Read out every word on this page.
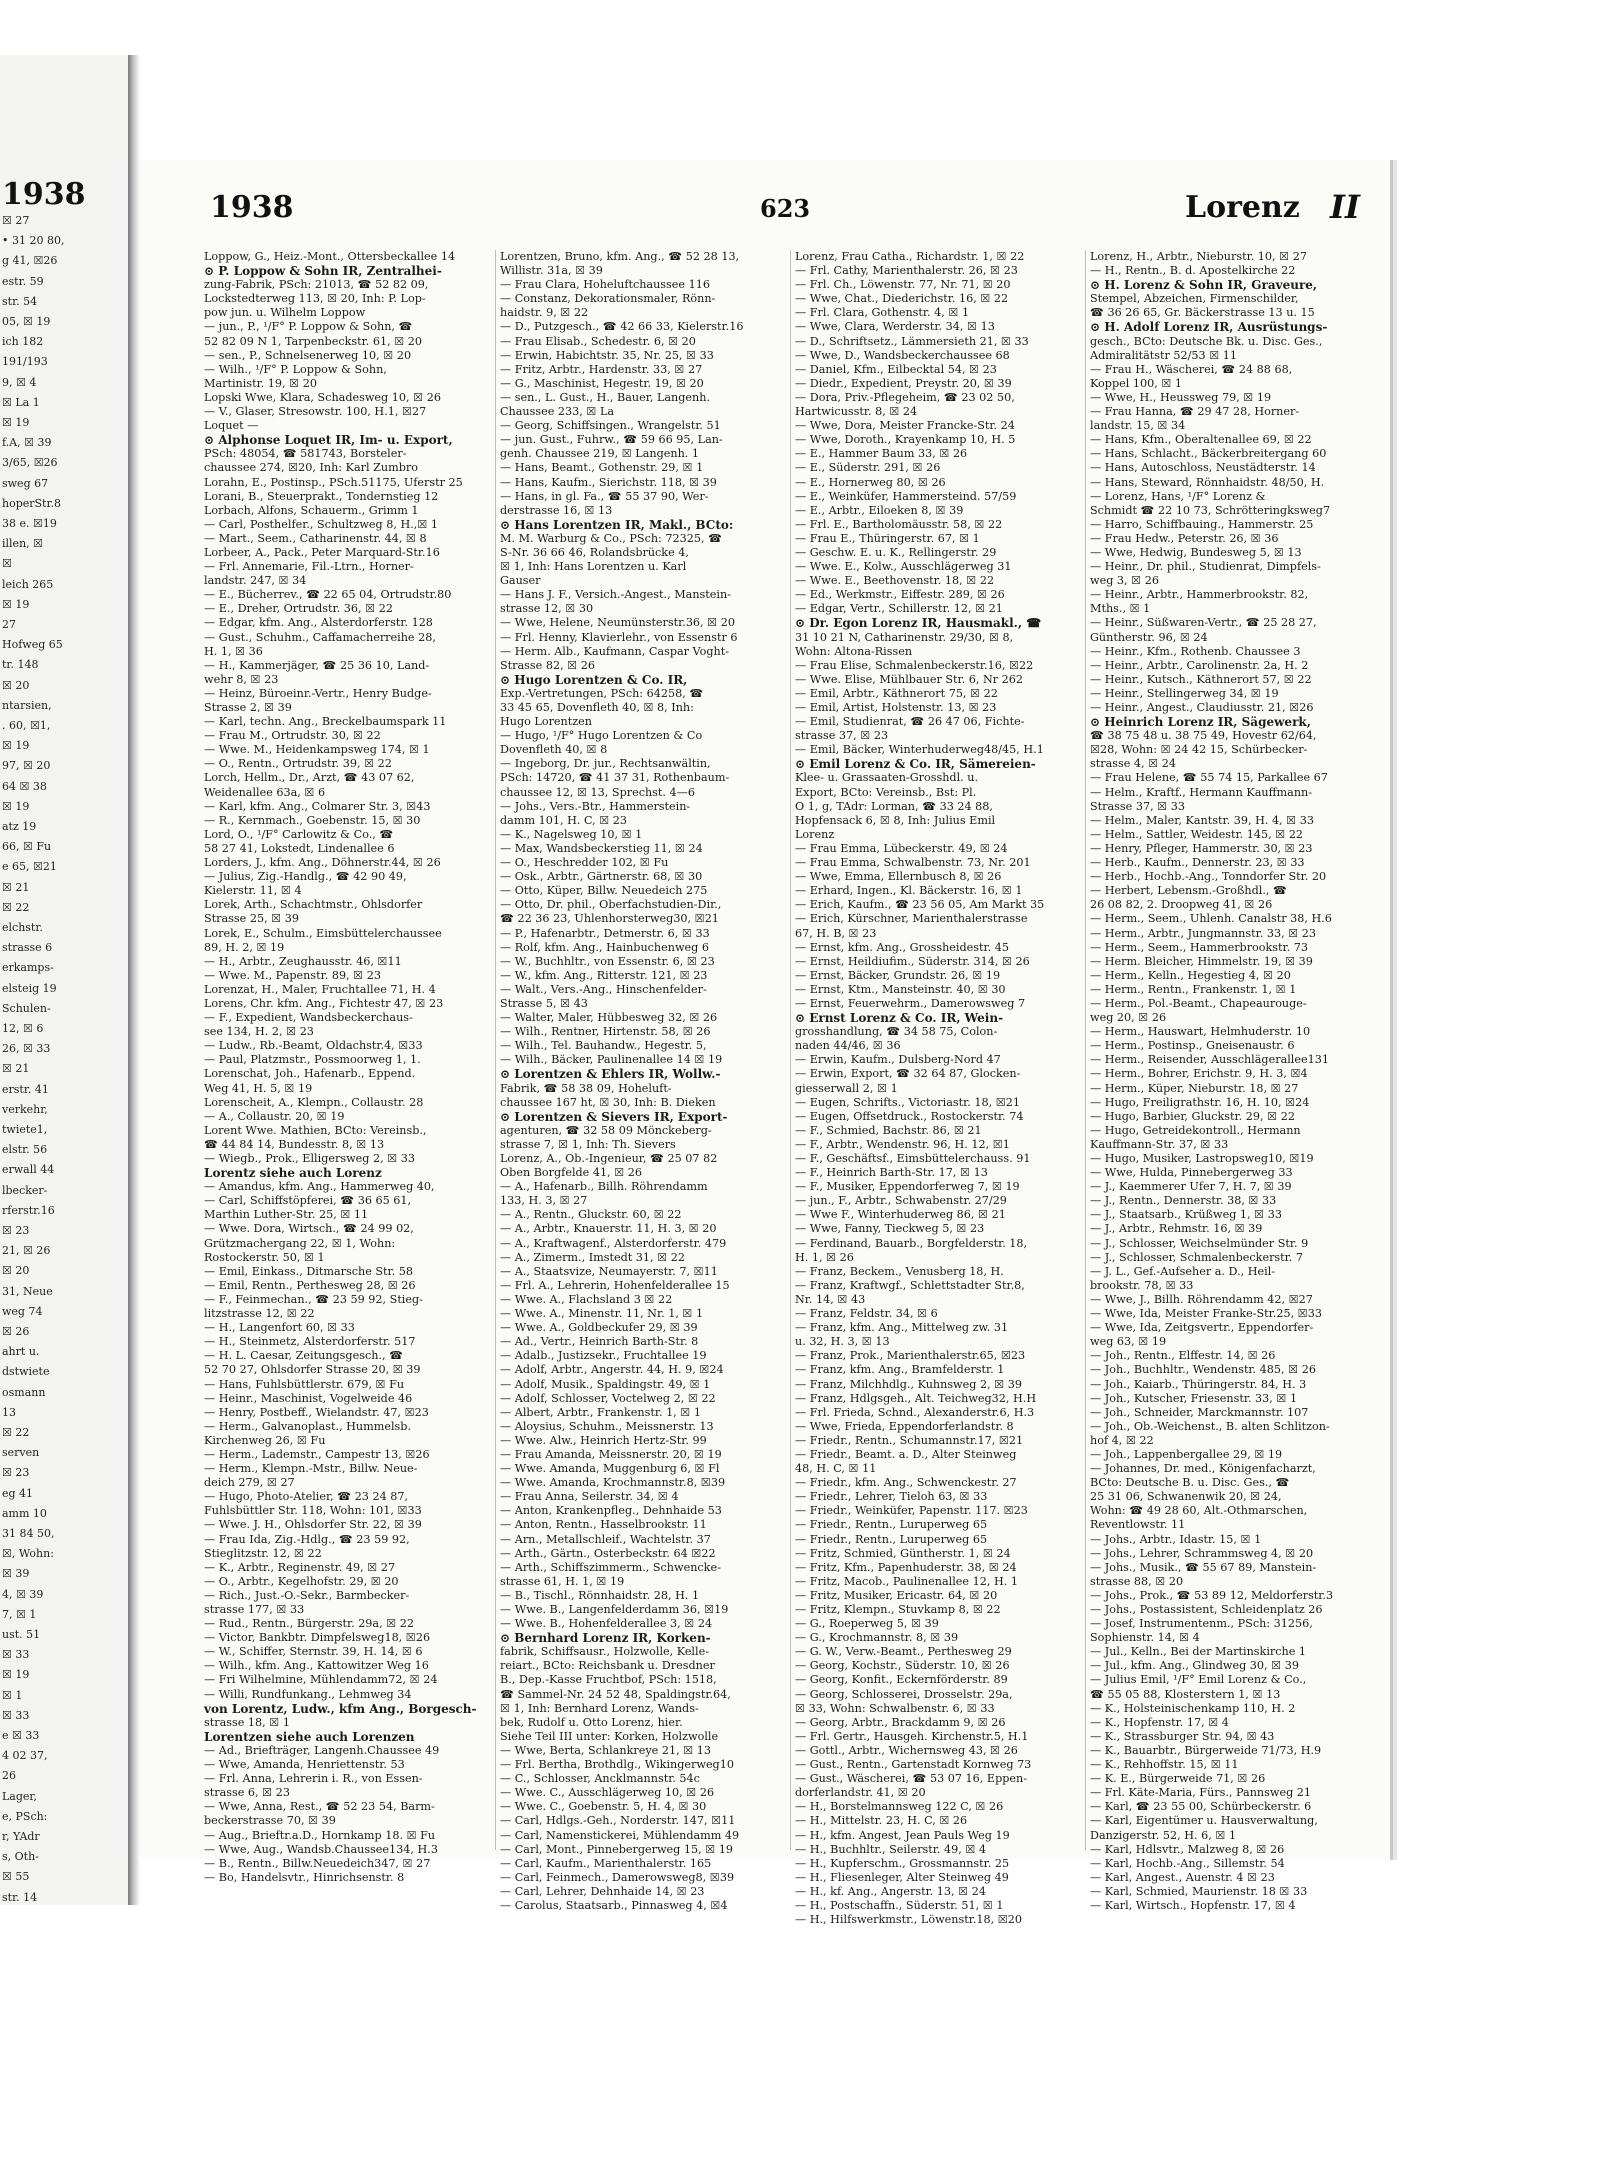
1938
☒ 27
• 31 20 80,
g 41, ☒26
estr. 59
str. 54
05, ☒ 19
ich 182
191/193
9, ☒ 4
☒ La 1
☒ 19
f.A, ☒ 39
3/65, ☒26
sweg 67
hoperStr.8
38 e. ☒19
illen, ☒
☒
leich 265
☒ 19
27
Hofweg 65
tr. 148
☒ 20
ntarsien,
. 60, ☒1,
☒ 19
97, ☒ 20
64 ☒ 38
☒ 19
atz 19
66, ☒ Fu
e 65, ☒21
☒ 21
☒ 22
elchstr.
strasse 6
erkamps-
elsteig 19
Schulen-
12, ☒ 6
26, ☒ 33
☒ 21
erstr. 41
verkehr,
twiete1,
elstr. 56
erwall 44
lbecker-
rferstr.16
☒ 23
21, ☒ 26
☒ 20
31, Neue
weg 74
☒ 26
ahrt u.
dstwiete
osmann
13
☒ 22
serven
☒ 23
eg 41
amm 10
31 84 50,
☒, Wohn:
☒ 39
4, ☒ 39
7, ☒ 1
ust. 51
☒ 33
☒ 19
☒ 1
☒ 33
e ☒ 33
4 02 37,
26
Lager,
e, PSch:
r, YAdr
s, Oth-
☒ 55
str. 14
1938	623	Lorenz II
Loppow, G., Heiz.-Mont., Ottersbeckallee 14
⊙ P. Loppow & Sohn IR, Zentralhei-
zung-Fabrik, PSch: 21013, ☎ 52 82 09,
Lockstedterweg 113, ☒ 20, Inh: P. Lop-
pow jun. u. Wilhelm Loppow
— jun., P., ¹/F° P. Loppow & Sohn, ☎
52 82 09 N 1, Tarpenbeckstr. 61, ☒ 20
— sen., P., Schnelsenerweg 10, ☒ 20
— Wilh., ¹/F° P. Loppow & Sohn,
Martinistr. 19, ☒ 20
Lopski Wwe, Klara, Schadesweg 10, ☒ 26
— V., Glaser, Stresowstr. 100, H.1, ☒27
Loquet —
⊙ Alphonse Loquet IR, Im- u. Export,
PSch: 48054, ☎ 581743, Borsteler-
chaussee 274, ☒20, Inh: Karl Zumbro
Lorahn, E., Postinsp., PSch.51175, Uferstr 25
Lorani, B., Steuerprakt., Tondernstieg 12
Lorbach, Alfons, Schauerm., Grimm 1
— Carl, Posthelfer., Schultzweg 8, H.,☒ 1
— Mart., Seem., Catharinenstr. 44, ☒ 8
Lorbeer, A., Pack., Peter Marquard-Str.16
— Frl. Annemarie, Fil.-Ltrn., Horner-
landstr. 247, ☒ 34
— E., Bücherrev., ☎ 22 65 04, Ortrudstr.80
— E., Dreher, Ortrudstr. 36, ☒ 22
— Edgar, kfm. Ang., Alsterdorferstr. 128
— Gust., Schuhm., Caffamacherreihe 28,
H. 1, ☒ 36
— H., Kammerjäger, ☎ 25 36 10, Land-
wehr 8, ☒ 23
— Heinz, Büroeinr.-Vertr., Henry Budge-
Strasse 2, ☒ 39
— Karl, techn. Ang., Breckelbaumspark 11
— Frau M., Ortrudstr. 30, ☒ 22
— Wwe. M., Heidenkampsweg 174, ☒ 1
— O., Rentn., Ortrudstr. 39, ☒ 22
Lorch, Hellm., Dr., Arzt, ☎ 43 07 62,
Weidenallee 63a, ☒ 6
— Karl, kfm. Ang., Colmarer Str. 3, ☒43
— R., Kernmach., Goebenstr. 15, ☒ 30
Lord, O., ¹/F° Carlowitz & Co., ☎
58 27 41, Lokstedt, Lindenallee 6
Lorders, J., kfm. Ang., Döhnerstr.44, ☒ 26
— Julius, Zig.-Handlg., ☎ 42 90 49,
Kielerstr. 11, ☒ 4
Lorek, Arth., Schachtmstr., Ohlsdorfer
Strasse 25, ☒ 39
Lorek, E., Schulm., Eimsbüttelerchaussee
89, H. 2, ☒ 19
— H., Arbtr., Zeughausstr. 46, ☒11
— Wwe. M., Papenstr. 89, ☒ 23
Lorenzat, H., Maler, Fruchtallee 71, H. 4
Lorens, Chr. kfm. Ang., Fichtestr 47, ☒ 23
— F., Expedient, Wandsbeckerchaus-
see 134, H. 2, ☒ 23
— Ludw., Rb.-Beamt, Oldachstr.4, ☒33
— Paul, Platzmstr., Possmoorweg 1, 1.
Lorenschat, Joh., Hafenarb., Eppend.
Weg 41, H. 5, ☒ 19
Lorenscheit, A., Klempn., Collaustr. 28
— A., Collaustr. 20, ☒ 19
Lorent Wwe. Mathien, BCto: Vereinsb.,
☎ 44 84 14, Bundesstr. 8, ☒ 13
— Wiegb., Prok., Elligersweg 2, ☒ 33
Lorentz siehe auch Lorenz
— Amandus, kfm. Ang., Hammerweg 40,
— Carl, Schiffstöpferei, ☎ 36 65 61,
Marthin Luther-Str. 25, ☒ 11
— Wwe. Dora, Wirtsch., ☎ 24 99 02,
Grützmachergang 22, ☒ 1, Wohn:
Rostockerstr. 50, ☒ 1
— Emil, Einkass., Ditmarsche Str. 58
— Emil, Rentn., Perthesweg 28, ☒ 26
— F., Feinmechan., ☎ 23 59 92, Stieg-
litzstrasse 12, ☒ 22
— H., Langenfort 60, ☒ 33
— H., Steinmetz, Alsterdorferstr. 517
— H. L. Caesar, Zeitungsgesch., ☎
52 70 27, Ohlsdorfer Strasse 20, ☒ 39
— Hans, Fuhlsbüttlerstr. 679, ☒ Fu
— Heinr., Maschinist, Vogelweide 46
— Henry, Postbeff., Wielandstr. 47, ☒23
— Herm., Galvanoplast., Hummelsb.
Kirchenweg 26, ☒ Fu
— Herm., Lademstr., Campestr 13, ☒26
— Herm., Klempn.-Mstr., Billw. Neue-
deich 279, ☒ 27
— Hugo, Photo-Atelier, ☎ 23 24 87,
Fuhlsbüttler Str. 118, Wohn: 101, ☒33
— Wwe. J. H., Ohlsdorfer Str. 22, ☒ 39
— Frau Ida, Zig.-Hdlg., ☎ 23 59 92,
Stieglitzstr. 12, ☒ 22
— K., Arbtr., Reginenstr. 49, ☒ 27
— O., Arbtr., Kegelhofstr. 29, ☒ 20
— Rich., Just.-O.-Sekr., Barmbecker-
strasse 177, ☒ 33
— Rud., Rentn., Bürgerstr. 29a, ☒ 22
— Victor, Bankbtr. Dimpfelsweg18, ☒26
— W., Schiffer, Sternstr. 39, H. 14, ☒ 6
— Wilh., kfm. Ang., Kattowitzer Weg 16
— Fri Wilhelmine, Mühlendamm72, ☒ 24
— Willi, Rundfunkang., Lehmweg 34
von Lorentz, Ludw., kfm Ang., Borgesch-
strasse 18, ☒ 1
Lorentzen siehe auch Lorenzen
— Ad., Briefträger, Langenh.Chaussee 49
— Wwe, Amanda, Henriettenstr. 53
— Frl. Anna, Lehrerin i. R., von Essen-
strasse 6, ☒ 23
— Wwe, Anna, Rest., ☎ 52 23 54, Barm-
beckerstrasse 70, ☒ 39
— Aug., Brieftr.a.D., Hornkamp 18. ☒ Fu
— Wwe, Aug., Wandsb.Chaussee134, H.3
— B., Rentn., Billw.Neuedeich347, ☒ 27
— Bo, Handelsvtr., Hinrichsenstr. 8
Lorentzen, Bruno, kfm. Ang., ☎ 52 28 13,
Willistr. 31a, ☒ 39
— Frau Clara, Hoheluftchaussee 116
— Constanz, Dekorationsmaler, Rönn-
haidstr. 9, ☒ 22
— D., Putzgesch., ☎ 42 66 33, Kielerstr.16
— Frau Elisab., Schedestr. 6, ☒ 20
— Erwin, Habichtstr. 35, Nr. 25, ☒ 33
— Fritz, Arbtr., Hardenstr. 33, ☒ 27
— G., Maschinist, Hegestr. 19, ☒ 20
— sen., L. Gust., H., Bauer, Langenh.
Chaussee 233, ☒ La
— Georg, Schiffsingen., Wrangelstr. 51
— jun. Gust., Fuhrw., ☎ 59 66 95, Lan-
genh. Chaussee 219, ☒ Langenh. 1
— Hans, Beamt., Gothenstr. 29, ☒ 1
— Hans, Kaufm., Sierichstr. 118, ☒ 39
— Hans, in gl. Fa., ☎ 55 37 90, Wer-
derstrasse 16, ☒ 13
⊙ Hans Lorentzen IR, Makl., BCto:
M. M. Warburg & Co., PSch: 72325, ☎
S-Nr. 36 66 46, Rolandsbrücke 4,
☒ 1, Inh: Hans Lorentzen u. Karl
Gauser
— Hans J. F., Versich.-Angest., Manstein-
strasse 12, ☒ 30
— Wwe, Helene, Neumünsterstr.36, ☒ 20
— Frl. Henny, Klavierlehr., von Essenstr 6
— Herm. Alb., Kaufmann, Caspar Voght-
Strasse 82, ☒ 26
⊙ Hugo Lorentzen & Co. IR,
Exp.-Vertretungen, PSch: 64258, ☎
33 45 65, Dovenfleth 40, ☒ 8, Inh:
Hugo Lorentzen
— Hugo, ¹/F° Hugo Lorentzen & Co
Dovenfleth 40, ☒ 8
— Ingeborg, Dr. jur., Rechtsanwältin,
PSch: 14720, ☎ 41 37 31, Rothenbaum-
chaussee 12, ☒ 13, Sprechst. 4—6
— Johs., Vers.-Btr., Hammerstein-
damm 101, H. C, ☒ 23
— K., Nagelsweg 10, ☒ 1
— Max, Wandsbeckerstieg 11, ☒ 24
— O., Heschredder 102, ☒ Fu
— Osk., Arbtr., Gärtnerstr. 68, ☒ 30
— Otto, Küper, Billw. Neuedeich 275
— Otto, Dr. phil., Oberfachstudien-Dir.,
☎ 22 36 23, Uhlenhorsterweg30, ☒21
— P., Hafenarbtr., Detmerstr. 6, ☒ 33
— Rolf, kfm. Ang., Hainbuchenweg 6
— W., Buchhltr., von Essenstr. 6, ☒ 23
— W., kfm. Ang., Ritterstr. 121, ☒ 23
— Walt., Vers.-Ang., Hinschenfelder-
Strasse 5, ☒ 43
— Walter, Maler, Hübbesweg 32, ☒ 26
— Wilh., Rentner, Hirtenstr. 58, ☒ 26
— Wilh., Tel. Bauhandw., Hegestr. 5,
— Wilh., Bäcker, Paulinenallee 14 ☒ 19
⊙ Lorentzen & Ehlers IR, Wollw.-
Fabrik, ☎ 58 38 09, Hoheluft-
chaussee 167 ht, ☒ 30, Inh: B. Dieken
⊙ Lorentzen & Sievers IR, Export-
agenturen, ☎ 32 58 09 Mönckeberg-
strasse 7, ☒ 1, Inh: Th. Sievers
Lorenz, A., Ob.-Ingenieur, ☎ 25 07 82
Oben Borgfelde 41, ☒ 26
— A., Hafenarb., Billh. Röhrendamm
133, H. 3, ☒ 27
— A., Rentn., Gluckstr. 60, ☒ 22
— A., Arbtr., Knauerstr. 11, H. 3, ☒ 20
— A., Kraftwagenf., Alsterdorferstr. 479
— A., Zimerm., Imstedt 31, ☒ 22
— A., Staatsvize, Neumayerstr. 7, ☒11
— Frl. A., Lehrerin, Hohenfelderallee 15
— Wwe. A., Flachsland 3 ☒ 22
— Wwe. A., Minenstr. 11, Nr. 1, ☒ 1
— Wwe. A., Goldbeckufer 29, ☒ 39
— Ad., Vertr., Heinrich Barth-Str. 8
— Adalb., Justizsekr., Fruchtallee 19
— Adolf, Arbtr., Angerstr. 44, H. 9, ☒24
— Adolf, Musik., Spaldingstr. 49, ☒ 1
— Adolf, Schlosser, Voctelweg 2, ☒ 22
— Albert, Arbtr., Frankenstr. 1, ☒ 1
— Aloysius, Schuhm., Meissnerstr. 13
— Wwe. Alw., Heinrich Hertz-Str. 99
— Frau Amanda, Meissnerstr. 20, ☒ 19
— Wwe. Amanda, Muggenburg 6, ☒ Fl
— Wwe. Amanda, Krochmannstr.8, ☒39
— Frau Anna, Seilerstr. 34, ☒ 4
— Anton, Krankenpfleg., Dehnhaide 53
— Anton, Rentn., Hasselbrookstr. 11
— Arn., Metallschleif., Wachtelstr. 37
— Arth., Gärtn., Osterbeckstr. 64 ☒22
— Arth., Schiffszimmerm., Schwencke-
strasse 61, H. 1, ☒ 19
— B., Tischl., Rönnhaidstr. 28, H. 1
— Wwe. B., Langenfelderdamm 36, ☒19
— Wwe. B., Hohenfelderallee 3, ☒ 24
⊙ Bernhard Lorenz IR, Korken-
fabrik, Schiffsausr., Holzwolle, Kelle-
reiart., BCto: Reichsbank u. Dresdner
B., Dep.-Kasse Fruchtbof, PSch: 1518,
☎ Sammel-Nr. 24 52 48, Spaldingstr.64,
☒ 1, Inh: Bernhard Lorenz, Wands-
bek, Rudolf u. Otto Lorenz, hier.
Siehe Teil III unter: Korken, Holzwolle
— Wwe, Berta, Schlankreye 21, ☒ 13
— Frl. Bertha, Brothdlg., Wikingerweg10
— C., Schlosser, Ancklmannstr. 54c
— Wwe. C., Ausschlägerweg 10, ☒ 26
— Wwe. C., Goebenstr. 5, H. 4, ☒ 30
— Carl, Hdlgs.-Geh., Norderstr. 147, ☒11
— Carl, Namenstickerei, Mühlendamm 49
— Carl, Mont., Pinnebergerweg 15, ☒ 19
— Carl, Kaufm., Marienthalerstr. 165
— Carl, Feinmech., Damerowsweg8, ☒39
— Carl, Lehrer, Dehnhaide 14, ☒ 23
— Carolus, Staatsarb., Pinnasweg 4, ☒4
Lorenz, Frau Catha., Richardstr. 1, ☒ 22
— Frl. Cathy, Marienthalerstr. 26, ☒ 23
— Frl. Ch., Löwenstr. 77, Nr. 71, ☒ 20
— Wwe, Chat., Diederichstr. 16, ☒ 22
— Frl. Clara, Gothenstr. 4, ☒ 1
— Wwe, Clara, Werderstr. 34, ☒ 13
— D., Schriftsetz., Lämmersieth 21, ☒ 33
— Wwe, D., Wandsbeckerchaussee 68
— Daniel, Kfm., Eilbecktal 54, ☒ 23
— Diedr., Expedient, Preystr. 20, ☒ 39
— Dora, Priv.-Pflegeheim, ☎ 23 02 50,
Hartwicusstr. 8, ☒ 24
— Wwe, Dora, Meister Francke-Str. 24
— Wwe, Doroth., Krayenkamp 10, H. 5
— E., Hammer Baum 33, ☒ 26
— E., Süderstr. 291, ☒ 26
— E., Hornerweg 80, ☒ 26
— E., Weinküfer, Hammersteind. 57/59
— E., Arbtr., Eiloeken 8, ☒ 39
— Frl. E., Bartholomäusstr. 58, ☒ 22
— Frau E., Thüringerstr. 67, ☒ 1
— Geschw. E. u. K., Rellingerstr. 29
— Wwe. E., Kolw., Ausschlägerweg 31
— Wwe. E., Beethovenstr. 18, ☒ 22
— Ed., Werkmstr., Eiffestr. 289, ☒ 26
— Edgar, Vertr., Schillerstr. 12, ☒ 21
⊙ Dr. Egon Lorenz IR, Hausmakl., ☎
31 10 21 N, Catharinenstr. 29/30, ☒ 8,
Wohn: Altona-Rissen
— Frau Elise, Schmalenbeckerstr.16, ☒22
— Wwe. Elise, Mühlbauer Str. 6, Nr 262
— Emil, Arbtr., Käthnerort 75, ☒ 22
— Emil, Artist, Holstenstr. 13, ☒ 23
— Emil, Studienrat, ☎ 26 47 06, Fichte-
strasse 37, ☒ 23
— Emil, Bäcker, Winterhuderweg48/45, H.1
⊙ Emil Lorenz & Co. IR, Sämereien-
Klee- u. Grassaaten-Grosshdl. u.
Export, BCto: Vereinsb., Bst: Pl.
O 1, g, TAdr: Lorman, ☎ 33 24 88,
Hopfensack 6, ☒ 8, Inh: Julius Emil
Lorenz
— Frau Emma, Lübeckerstr. 49, ☒ 24
— Frau Emma, Schwalbenstr. 73, Nr. 201
— Wwe, Emma, Ellernbusch 8, ☒ 26
— Erhard, Ingen., Kl. Bäckerstr. 16, ☒ 1
— Erich, Kaufm., ☎ 23 56 05, Am Markt 35
— Erich, Kürschner, Marienthalerstrasse
67, H. B, ☒ 23
— Ernst, kfm. Ang., Grossheidestr. 45
— Ernst, Heildiufim., Süderstr. 314, ☒ 26
— Ernst, Bäcker, Grundstr. 26, ☒ 19
— Ernst, Ktm., Mansteinstr. 40, ☒ 30
— Ernst, Feuerwehrm., Damerowsweg 7
⊙ Ernst Lorenz & Co. IR, Wein-
grosshandlung, ☎ 34 58 75, Colon-
naden 44/46, ☒ 36
— Erwin, Kaufm., Dulsberg-Nord 47
— Erwin, Export, ☎ 32 64 87, Glocken-
giesserwall 2, ☒ 1
— Eugen, Schrifts., Victoriastr. 18, ☒21
— Eugen, Offsetdruck., Rostockerstr. 74
— F., Schmied, Bachstr. 86, ☒ 21
— F., Arbtr., Wendenstr. 96, H. 12, ☒1
— F., Geschäftsf., Eimsbüttelerchauss. 91
— F., Heinrich Barth-Str. 17, ☒ 13
— F., Musiker, Eppendorferweg 7, ☒ 19
— jun., F., Arbtr., Schwabenstr. 27/29
— Wwe F., Winterhuderweg 86, ☒ 21
— Wwe, Fanny, Tieckweg 5, ☒ 23
— Ferdinand, Bauarb., Borgfelderstr. 18,
H. 1, ☒ 26
— Franz, Beckem., Venusberg 18, H.
— Franz, Kraftwgf., Schlettstadter Str.8,
Nr. 14, ☒ 43
— Franz, Feldstr. 34, ☒ 6
— Franz, kfm. Ang., Mittelweg zw. 31
u. 32, H. 3, ☒ 13
— Franz, Prok., Marienthalerstr.65, ☒23
— Franz, kfm. Ang., Bramfelderstr. 1
— Franz, Milchhdlg., Kuhnsweg 2, ☒ 39
— Franz, Hdlgsgeh., Alt. Teichweg32, H.H
— Frl. Frieda, Schnd., Alexanderstr.6, H.3
— Wwe, Frieda, Eppendorferlandstr. 8
— Friedr., Rentn., Schumannstr.17, ☒21
— Friedr., Beamt. a. D., Alter Steinweg
48, H. C, ☒ 11
— Friedr., kfm. Ang., Schwenckestr. 27
— Friedr., Lehrer, Tieloh 63, ☒ 33
— Friedr., Weinküfer, Papenstr. 117. ☒23
— Friedr., Rentn., Luruperweg 65
— Friedr., Rentn., Luruperweg 65
— Fritz, Schmied, Güntherstr. 1, ☒ 24
— Fritz, Kfm., Papenhuderstr. 38, ☒ 24
— Fritz, Macob., Paulinenallee 12, H. 1
— Fritz, Musiker, Ericastr. 64, ☒ 20
— Fritz, Klempn., Stuvkamp 8, ☒ 22
— G., Roeperweg 5, ☒ 39
— G., Krochmannstr. 8, ☒ 39
— G. W., Verw.-Beamt., Perthesweg 29
— Georg, Kochstr., Süderstr. 10, ☒ 26
— Georg, Konfit., Eckernförderstr. 89
— Georg, Schlosserei, Drosselstr. 29a,
☒ 33, Wohn: Schwalbenstr. 6, ☒ 33
— Georg, Arbtr., Brackdamm 9, ☒ 26
— Frl. Gertr., Hausgeh. Kirchenstr.5, H.1
— Gottl., Arbtr., Wichernsweg 43, ☒ 26
— Gust., Rentn., Gartenstadt Kornweg 73
— Gust., Wäscherei, ☎ 53 07 16, Eppen-
dorferlandstr. 41, ☒ 20
— H., Borstelmannsweg 122 C, ☒ 26
— H., Mittelstr. 23, H. C, ☒ 26
— H., kfm. Angest, Jean Pauls Weg 19
— H., Buchhltr., Seilerstr. 49, ☒ 4
— H., Kupferschm., Grossmannstr. 25
— H., Fliesenleger, Alter Steinweg 49
— H., kf. Ang., Angerstr. 13, ☒ 24
— H., Postschaffn., Süderstr. 51, ☒ 1
— H., Hilfswerkmstr., Löwenstr.18, ☒20
Lorenz, H., Arbtr., Nieburstr. 10, ☒ 27
— H., Rentn., B. d. Apostelkirche 22
⊙ H. Lorenz & Sohn IR, Graveure,
Stempel, Abzeichen, Firmenschilder,
☎ 36 26 65, Gr. Bäckerstrasse 13 u. 15
⊙ H. Adolf Lorenz IR, Ausrüstungs-
gesch., BCto: Deutsche Bk. u. Disc. Ges.,
Admiralitätstr 52/53 ☒ 11
— Frau H., Wäscherei, ☎ 24 88 68,
Koppel 100, ☒ 1
— Wwe, H., Heussweg 79, ☒ 19
— Frau Hanna, ☎ 29 47 28, Horner-
landstr. 15, ☒ 34
— Hans, Kfm., Oberaltenallee 69, ☒ 22
— Hans, Schlacht., Bäckerbreitergang 60
— Hans, Autoschloss, Neustädterstr. 14
— Hans, Steward, Rönnhaidstr. 48/50, H.
— Lorenz, Hans, ¹/F° Lorenz &
Schmidt ☎ 22 10 73, Schrötteringksweg7
— Harro, Schiffbauing., Hammerstr. 25
— Frau Hedw., Peterstr. 26, ☒ 36
— Wwe, Hedwig, Bundesweg 5, ☒ 13
— Heinr., Dr. phil., Studienrat, Dimpfels-
weg 3, ☒ 26
— Heinr., Arbtr., Hammerbrookstr. 82,
Mths., ☒ 1
— Heinr., Süßwaren-Vertr., ☎ 25 28 27,
Güntherstr. 96, ☒ 24
— Heinr., Kfm., Rothenb. Chaussee 3
— Heinr., Arbtr., Carolinenstr. 2a, H. 2
— Heinr., Kutsch., Käthnerort 57, ☒ 22
— Heinr., Stellingerweg 34, ☒ 19
— Heinr., Angest., Claudiusstr. 21, ☒26
⊙ Heinrich Lorenz IR, Sägewerk,
☎ 38 75 48 u. 38 75 49, Hovestr 62/64,
☒28, Wohn: ☒ 24 42 15, Schürbecker-
strasse 4, ☒ 24
— Frau Helene, ☎ 55 74 15, Parkallee 67
— Helm., Kraftf., Hermann Kauffmann-
Strasse 37, ☒ 33
— Helm., Maler, Kantstr. 39, H. 4, ☒ 33
— Helm., Sattler, Weidestr. 145, ☒ 22
— Henry, Pfleger, Hammerstr. 30, ☒ 23
— Herb., Kaufm., Dennerstr. 23, ☒ 33
— Herb., Hochb.-Ang., Tonndorfer Str. 20
— Herbert, Lebensm.-Großhdl., ☎
26 08 82, 2. Droopweg 41, ☒ 26
— Herm., Seem., Uhlenh. Canalstr 38, H.6
— Herm., Arbtr., Jungmannstr. 33, ☒ 23
— Herm., Seem., Hammerbrookstr. 73
— Herm. Bleicher, Himmelstr. 19, ☒ 39
— Herm., Kelln., Hegestieg 4, ☒ 20
— Herm., Rentn., Frankenstr. 1, ☒ 1
— Herm., Pol.-Beamt., Chapeaurouge-
weg 20, ☒ 26
— Herm., Hauswart, Helmhuderstr. 10
— Herm., Postinsp., Gneisenaustr. 6
— Herm., Reisender, Ausschlägerallee131
— Herm., Bohrer, Erichstr. 9, H. 3, ☒4
— Herm., Küper, Nieburstr. 18, ☒ 27
— Hugo, Freiligrathstr. 16, H. 10, ☒24
— Hugo, Barbier, Gluckstr. 29, ☒ 22
— Hugo, Getreidekontroll., Hermann
Kauffmann-Str. 37, ☒ 33
— Hugo, Musiker, Lastropsweg10, ☒19
— Wwe, Hulda, Pinnebergerweg 33
— J., Kaemmerer Ufer 7, H. 7, ☒ 39
— J., Rentn., Dennerstr. 38, ☒ 33
— J., Staatsarb., Krüßweg 1, ☒ 33
— J., Arbtr., Rehmstr. 16, ☒ 39
— J., Schlosser, Weichselmünder Str. 9
— J., Schlosser, Schmalenbeckerstr. 7
— J. L., Gef.-Aufseher a. D., Heil-
brookstr. 78, ☒ 33
— Wwe, J., Billh. Röhrendamm 42, ☒27
— Wwe, Ida, Meister Franke-Str.25, ☒33
— Wwe, Ida, Zeitgsvertr., Eppendorfer-
weg 63, ☒ 19
— Joh., Rentn., Elffestr. 14, ☒ 26
— Joh., Buchhltr., Wendenstr. 485, ☒ 26
— Joh., Kaiarb., Thüringerstr. 84, H. 3
— Joh., Kutscher, Friesenstr. 33, ☒ 1
— Joh., Schneider, Marckmannstr. 107
— Joh., Ob.-Weichenst., B. alten Schlitzon-
hof 4, ☒ 22
— Joh., Lappenbergallee 29, ☒ 19
— Johannes, Dr. med., Königenfacharzt,
BCto: Deutsche B. u. Disc. Ges., ☎
25 31 06, Schwanenwik 20, ☒ 24,
Wohn: ☎ 49 28 60, Alt.-Othmarschen,
Reventlowstr. 11
— Johs., Arbtr., Idastr. 15, ☒ 1
— Johs., Lehrer, Schrammsweg 4, ☒ 20
— Johs., Musik., ☎ 55 67 89, Manstein-
strasse 88, ☒ 20
— Johs., Prok., ☎ 53 89 12, Meldorferstr.3
— Johs., Postassistent, Schleidenplatz 26
— Josef, Instrumentenm., PSch: 31256,
Sophienstr. 14, ☒ 4
— Jul., Kelln., Bei der Martinskirche 1
— Jul., kfm. Ang., Glindweg 30, ☒ 39
— Julius Emil, ¹/F° Emil Lorenz & Co.,
☎ 55 05 88, Klosterstern 1, ☒ 13
— K., Holsteinischenkamp 110, H. 2
— K., Hopfenstr. 17, ☒ 4
— K., Strassburger Str. 94, ☒ 43
— K., Bauarbtr., Bürgerweide 71/73, H.9
— K., Rehhoffstr. 15, ☒ 11
— K. E., Bürgerweide 71, ☒ 26
— Frl. Käte-Maria, Fürs., Pannsweg 21
— Karl, ☎ 23 55 00, Schürbeckerstr. 6
— Karl, Eigentümer u. Hausverwaltung,
Danzigerstr. 52, H. 6, ☒ 1
— Karl, Hdlsvtr., Malzweg 8, ☒ 26
— Karl, Hochb.-Ang., Sillemstr. 54
— Karl, Angest., Auenstr. 4 ☒ 23
— Karl, Schmied, Maurienstr. 18 ☒ 33
— Karl, Wirtsch., Hopfenstr. 17, ☒ 4
